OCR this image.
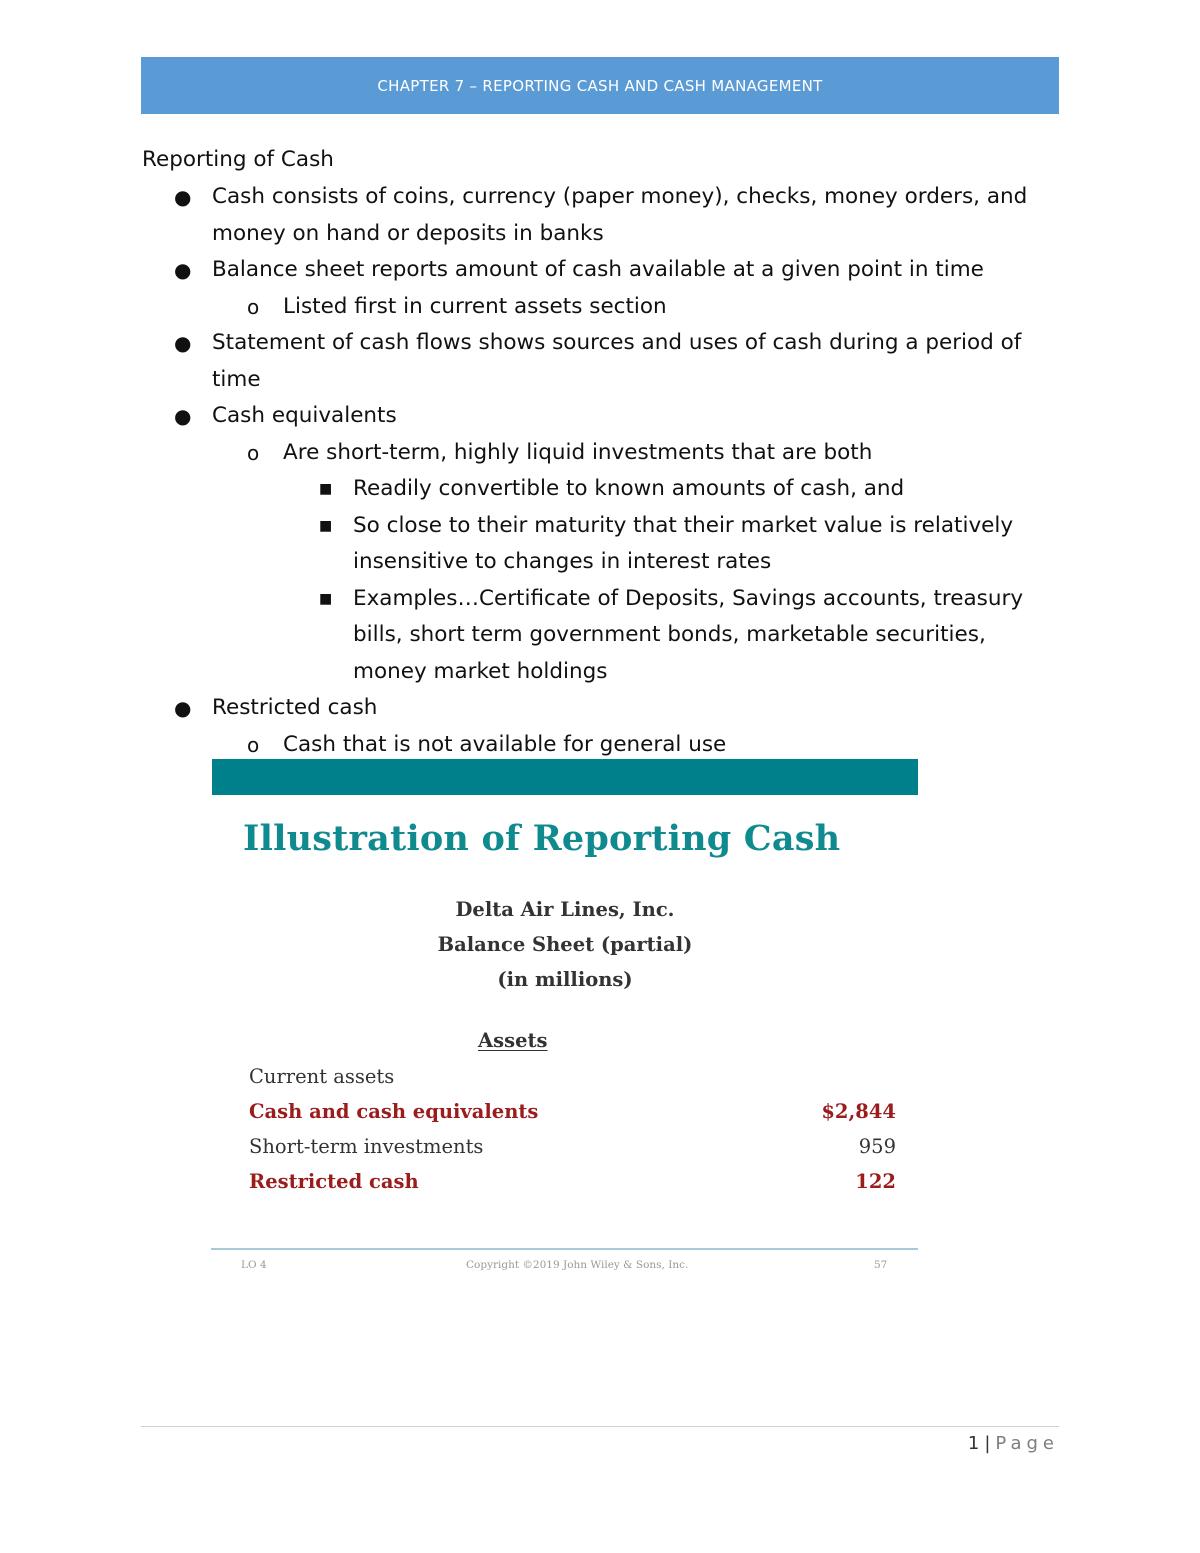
CHAPTER 7 – REPORTING CASH AND CASH MANAGEMENT
Reporting of Cash
● Cash consists of coins, currency (paper money), checks, money orders, and
money on hand or deposits in banks
● Balance sheet reports amount of cash available at a given point in time
o Listed first in current assets section
● Statement of cash flows shows sources and uses of cash during a period of
time
● Cash equivalents
o Are short-term, highly liquid investments that are both
■ Readily convertible to known amounts of cash, and
■ So close to their maturity that their market value is relatively
insensitive to changes in interest rates
■ Examples…Certificate of Deposits, Savings accounts, treasury
bills, short term government bonds, marketable securities,
money market holdings
● Restricted cash
o Cash that is not available for general use
Illustration of Reporting Cash
Delta Air Lines, Inc.
Balance Sheet (partial)
(in millions)
Assets
Current assets
Cash and cash equivalents	$2,844
Short-term investments	959
Restricted cash	122
LO 4	Copyright ©2019 John Wiley & Sons, Inc.	57
1 | Page
